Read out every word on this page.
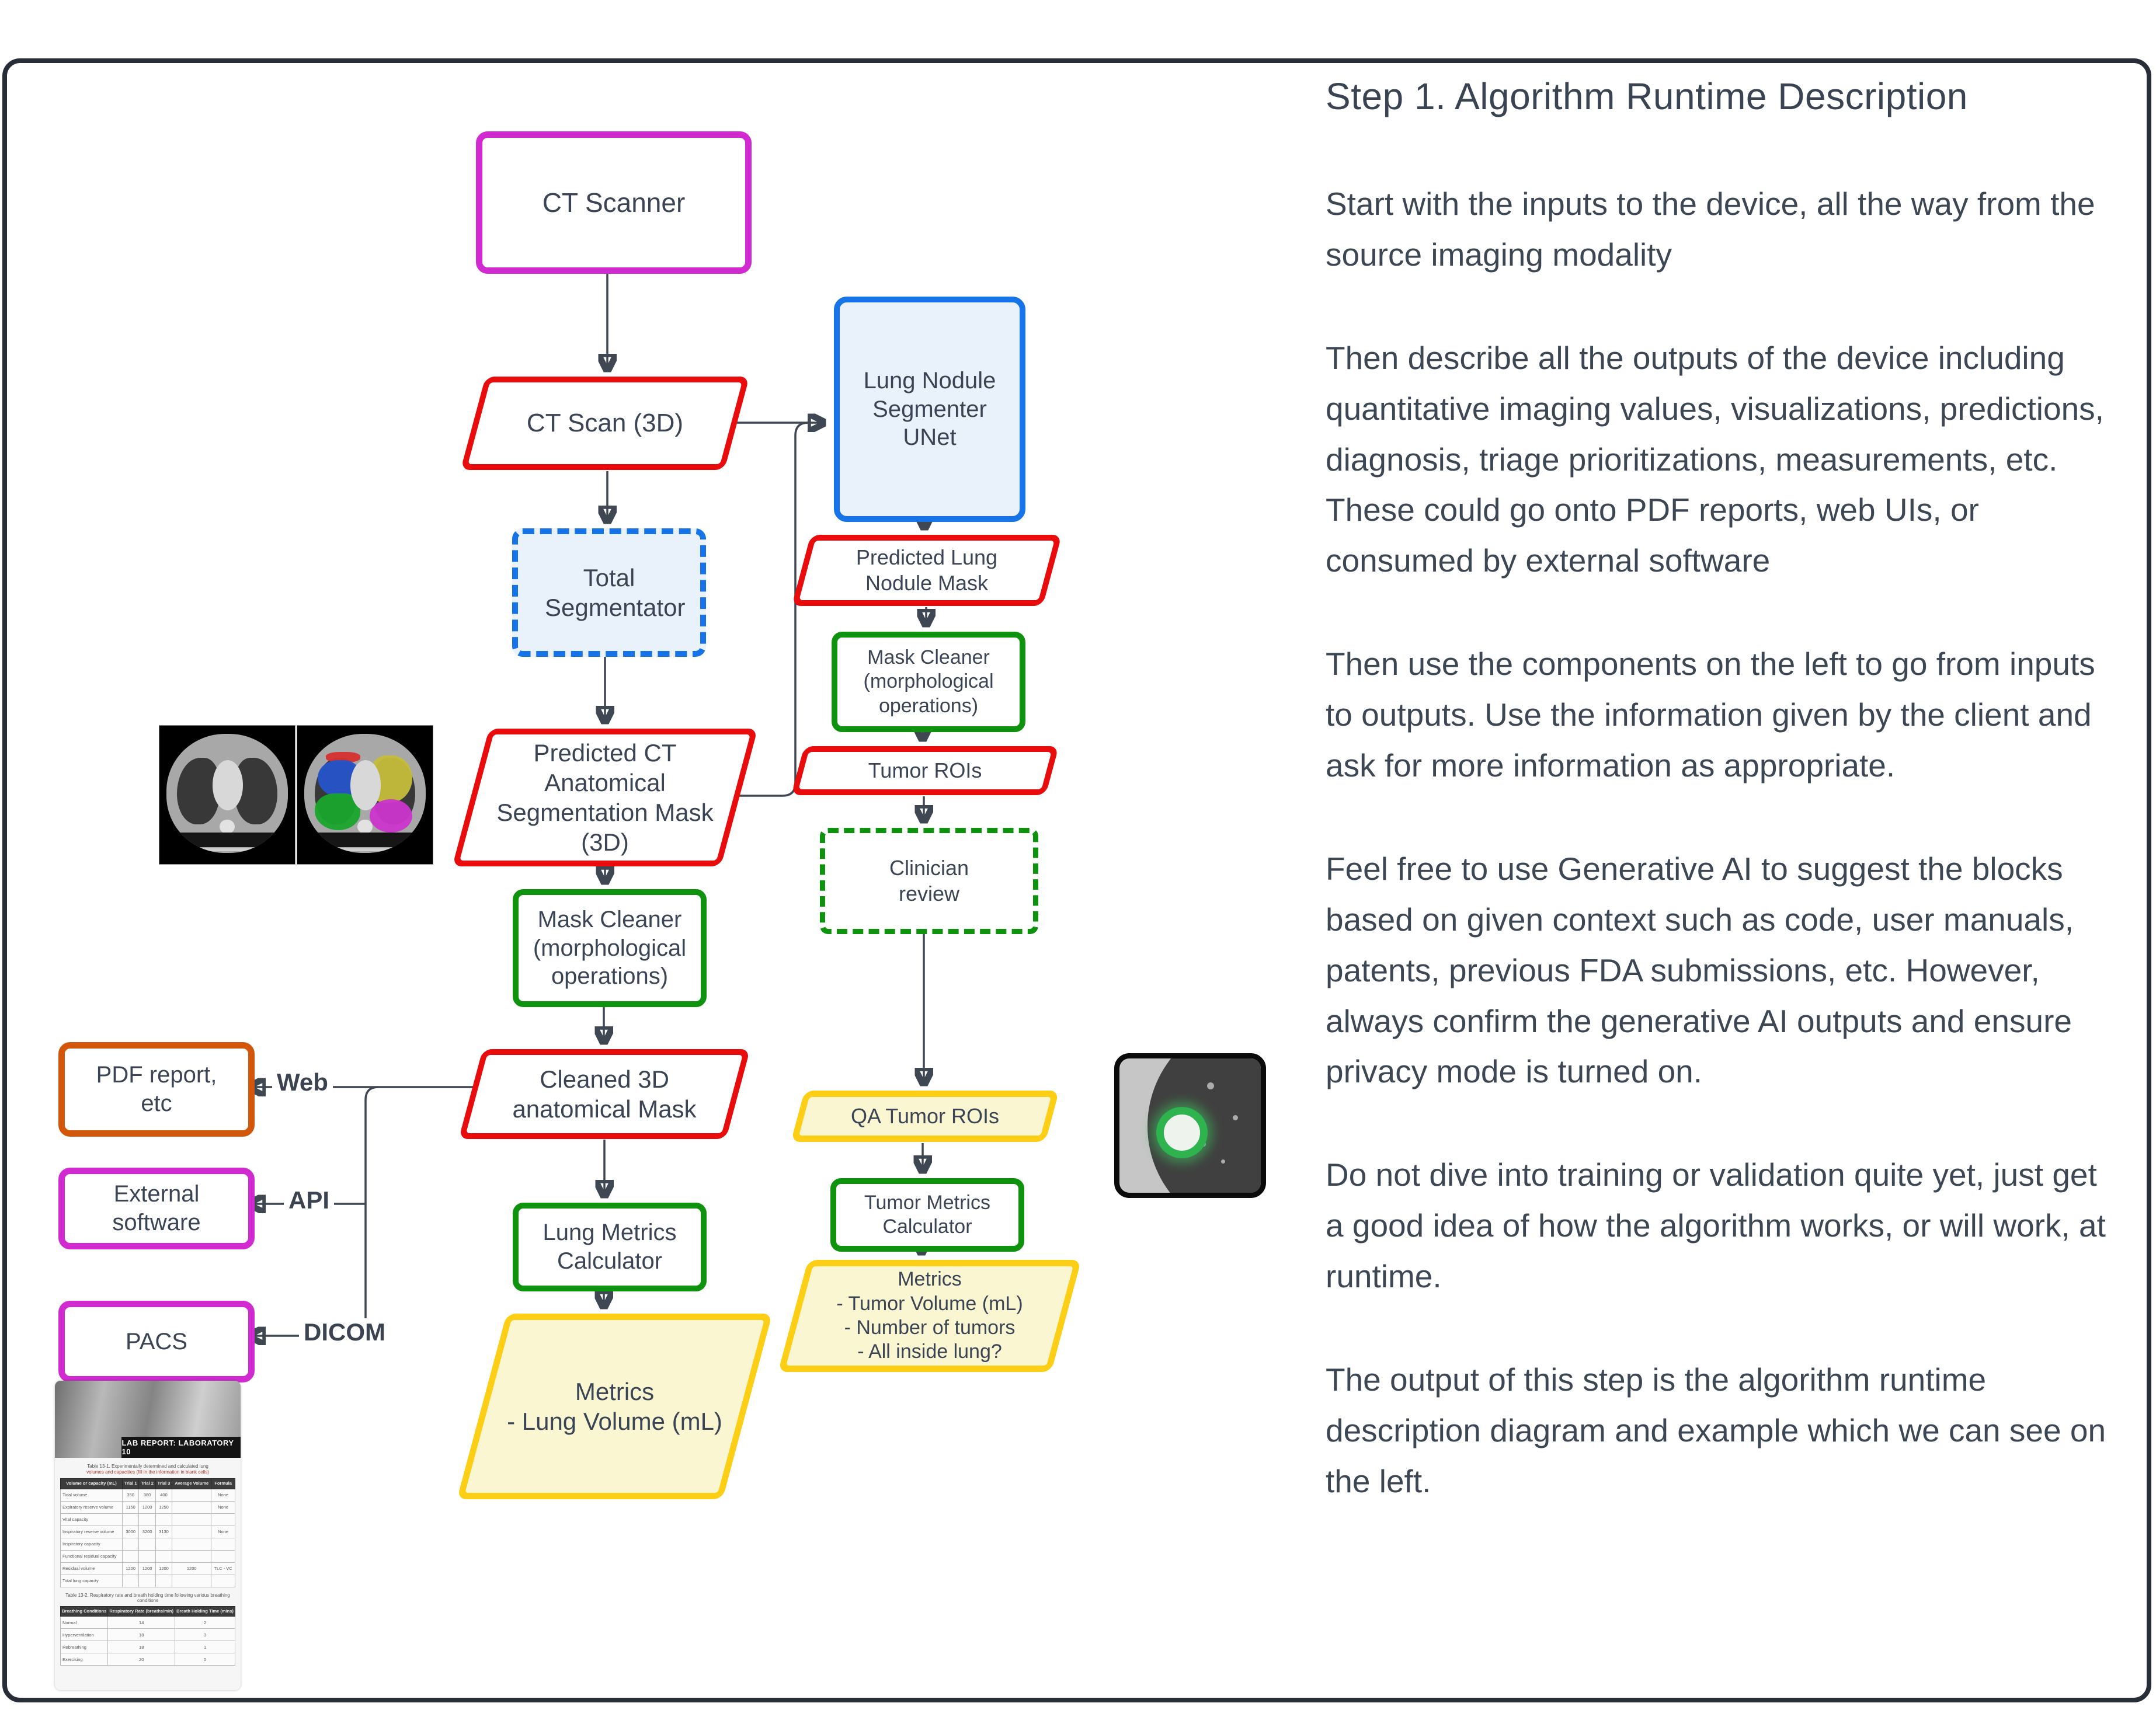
CT Scanner
CT Scan (3D)
Total Segmentator
Predicted CT Anatomical Segmentation Mask (3D)
Mask Cleaner (morphological operations)
Cleaned 3D anatomical Mask
Lung Metrics Calculator
Metrics
- Lung Volume (mL)
Lung Nodule Segmenter UNet
Predicted Lung Nodule Mask
Mask Cleaner (morphological operations)
Tumor ROIs
Clinician review
QA Tumor ROIs
Tumor Metrics Calculator
Metrics
- Tumor Volume (mL)
- Number of tumors
- All inside lung?
PDF report, etc
External software
PACS
Web
API
DICOM
LAB REPORT: LABORATORY 10
Table 13-1. Experimentally determined and calculated lung
volumes and capacities (fill in the information in blank cells)
Volume or capacity (mL)	Trial 1	Trial 2	Trial 3	Average Volume	Formula
Tidal volume	350	380	400		None
Expiratory reserve volume	1150	1200	1250		None
Vital capacity					
Inspiratory reserve volume	3000	3200	3130		None
Inspiratory capacity					
Functional residual capacity					
Residual volume	1200	1200	1200	1200	TLC - VC
Total lung capacity					
Table 13-2. Respiratory rate and breath holding time following various breathing conditions
Breathing Conditions	Respiratory Rate (breaths/min)	Breath Holding Time (mins)
Normal	14	2
Hyperventilation	18	3
Rebreathing	18	1
Exercising	20	0
Step 1. Algorithm Runtime Description

Start with the inputs to the device, all the way from the source imaging modality

Then describe all the outputs of the device including quantitative imaging values, visualizations, predictions, diagnosis, triage prioritizations, measurements, etc. These could go onto PDF reports, web UIs, or consumed by external software

Then use the components on the left to go from inputs to outputs. Use the information given by the client and ask for more information as appropriate.

Feel free to use Generative AI to suggest the blocks based on given context such as code, user manuals, patents, previous FDA submissions, etc. However, always confirm the generative AI outputs and ensure privacy mode is turned on.

Do not dive into training or validation quite yet, just get a good idea of how the algorithm works, or will work, at runtime.

The output of this step is the algorithm runtime description diagram and example which we can see on the left.
